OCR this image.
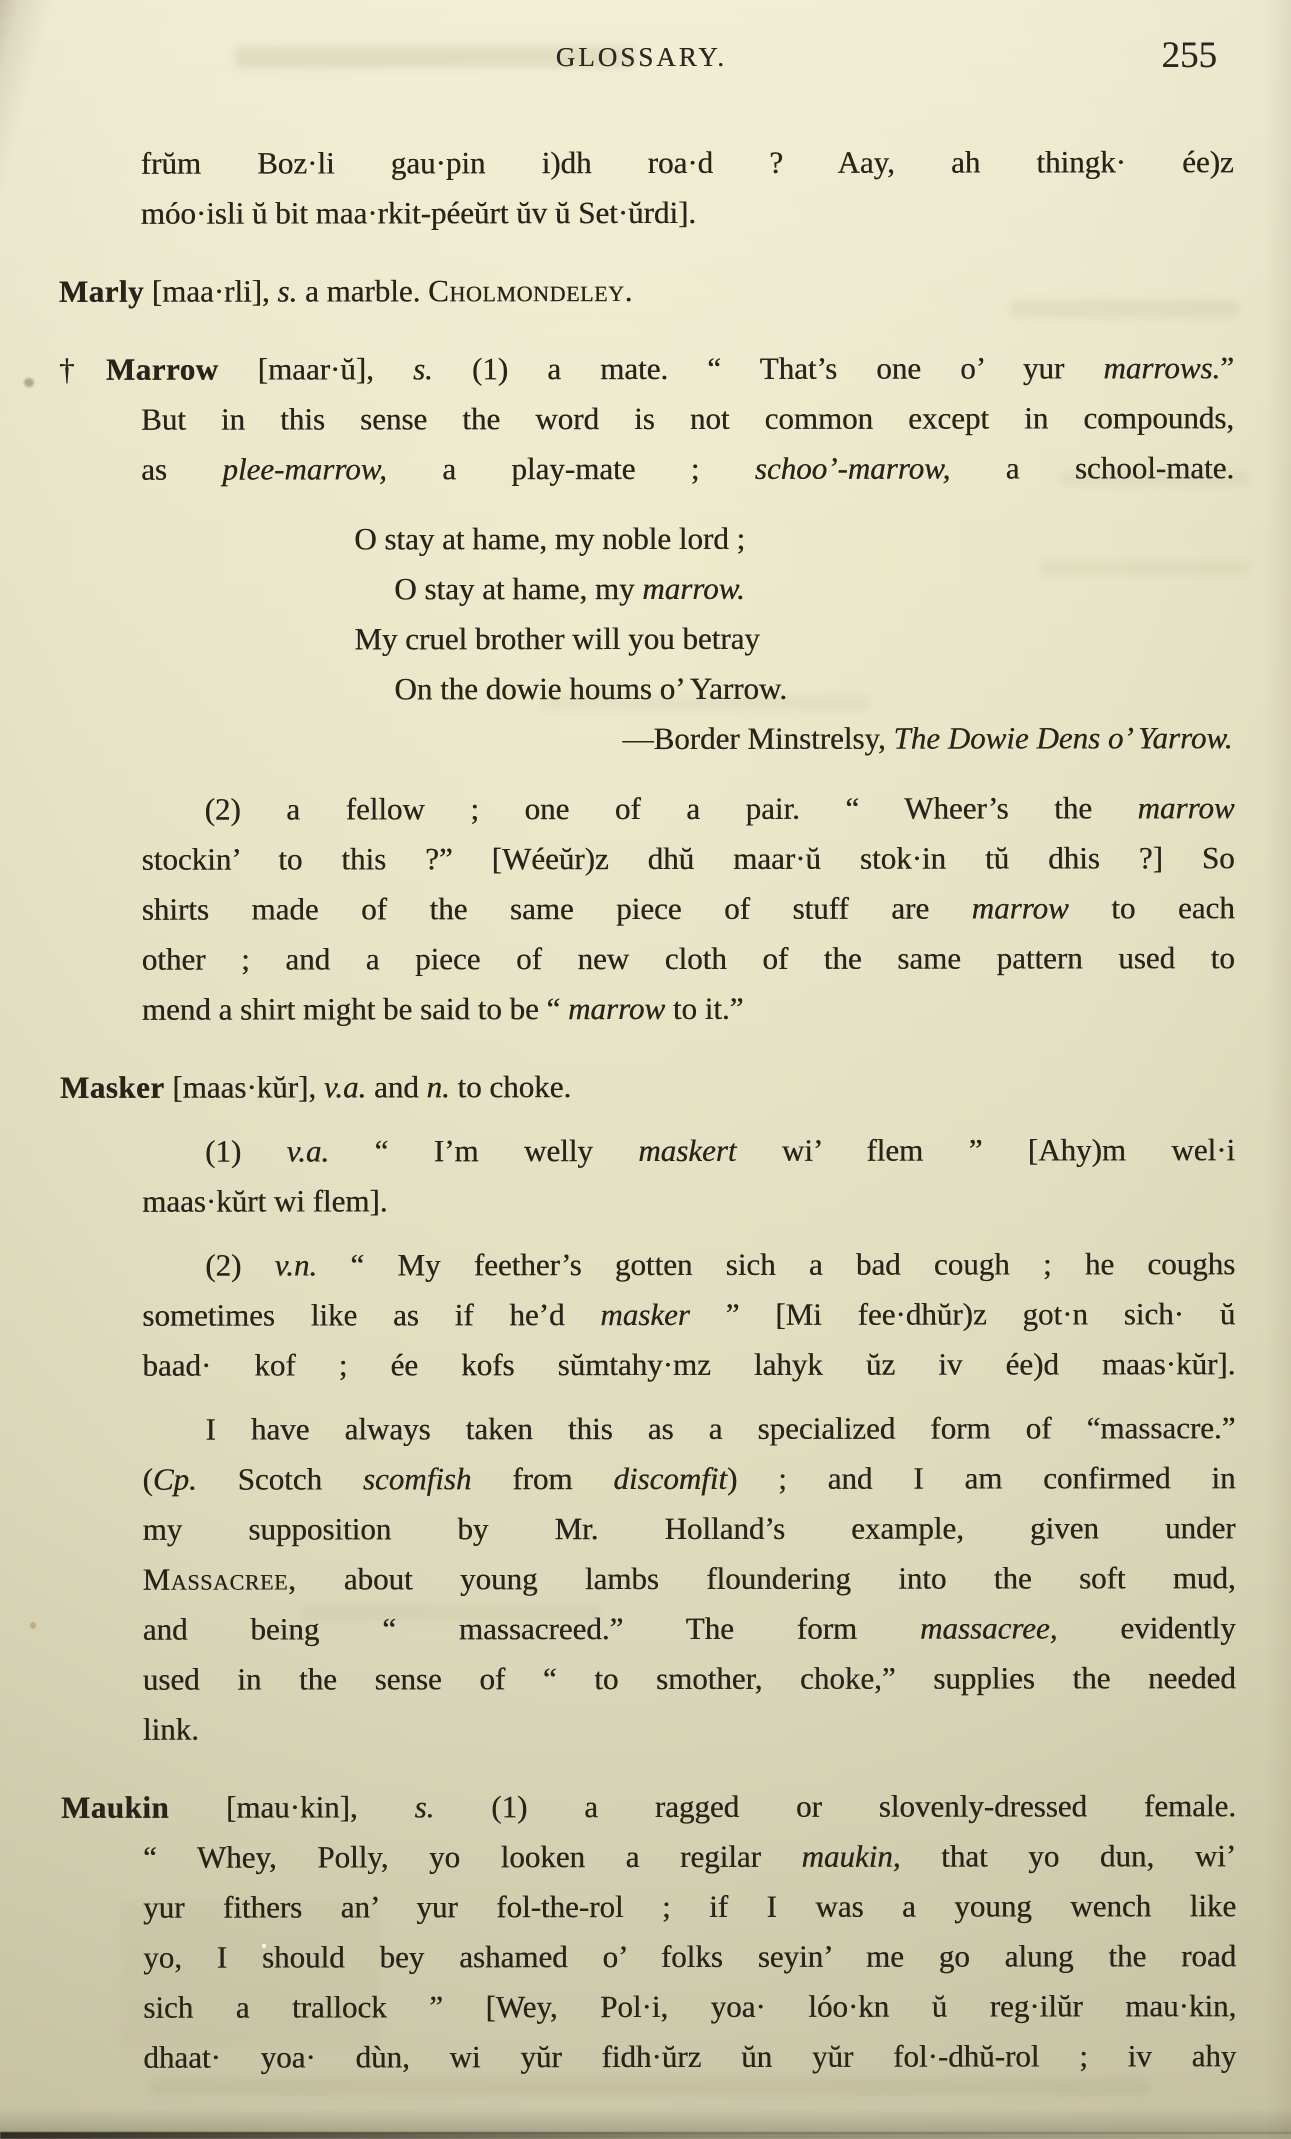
GLOSSARY.	255
frŭm Boz·li gau·pin i)dh roa·d ? Aay, ah thingk· ée)z
móo·isli ŭ bit maa·rkit-péeŭrt ŭv ŭ Set·ŭrdi].
Marly [maa·rli], s. a marble. Cholmondeley.
†Marrow [maar·ŭ], s. (1) a mate. “ That’s one o’ yur marrows.”
But in this sense the word is not common except in compounds,
as plee-marrow, a play-mate ; schoo’-marrow, a school-mate.
O stay at hame, my noble lord ;
O stay at hame, my marrow.
My cruel brother will you betray
On the dowie houms o’ Yarrow.
—Border Minstrelsy, The Dowie Dens o’ Yarrow.
(2) a fellow ; one of a pair. “ Wheer’s the marrow
stockin’ to this ?” [Wéeŭr)z dhŭ maar·ŭ stok·in tŭ dhis ?] So
shirts made of the same piece of stuff are marrow to each
other ; and a piece of new cloth of the same pattern used to
mend a shirt might be said to be “ marrow to it.”
Masker [maas·kŭr], v.a. and n. to choke.
(1) v.a. “ I’m welly maskert wi’ flem ” [Ahy)m wel·i
maas·kŭrt wi flem].
(2) v.n. “ My feether’s gotten sich a bad cough ; he coughs
sometimes like as if he’d masker ” [Mi fee·dhŭr)z got·n sich· ŭ
baad· kof ; ée kofs sŭmtahy·mz lahyk ŭz iv ée)d maas·kŭr].
I have always taken this as a specialized form of “massacre.”
(Cp. Scotch scomfish from discomfit) ; and I am confirmed in
my supposition by Mr. Holland’s example, given under
Massacree, about young lambs floundering into the soft mud,
and being “ massacreed.” The form massacree, evidently
used in the sense of “ to smother, choke,” supplies the needed
link.
Maukin [mau·kin], s. (1) a ragged or slovenly-dressed female.
“ Whey, Polly, yo looken a regilar maukin, that yo dun, wi’
yur fithers an’ yur fol-the-rol ; if I was a young wench like
yo, I should bey ashamed o’ folks seyin’ me go alung the road
sich a trallock ” [Wey, Pol·i, yoa· lóo·kn ŭ reg·ilŭr mau·kin,
dhaat· yoa· dùn, wi yŭr fidh·ŭrz ŭn yŭr fol·-dhŭ-rol ; iv ahy
